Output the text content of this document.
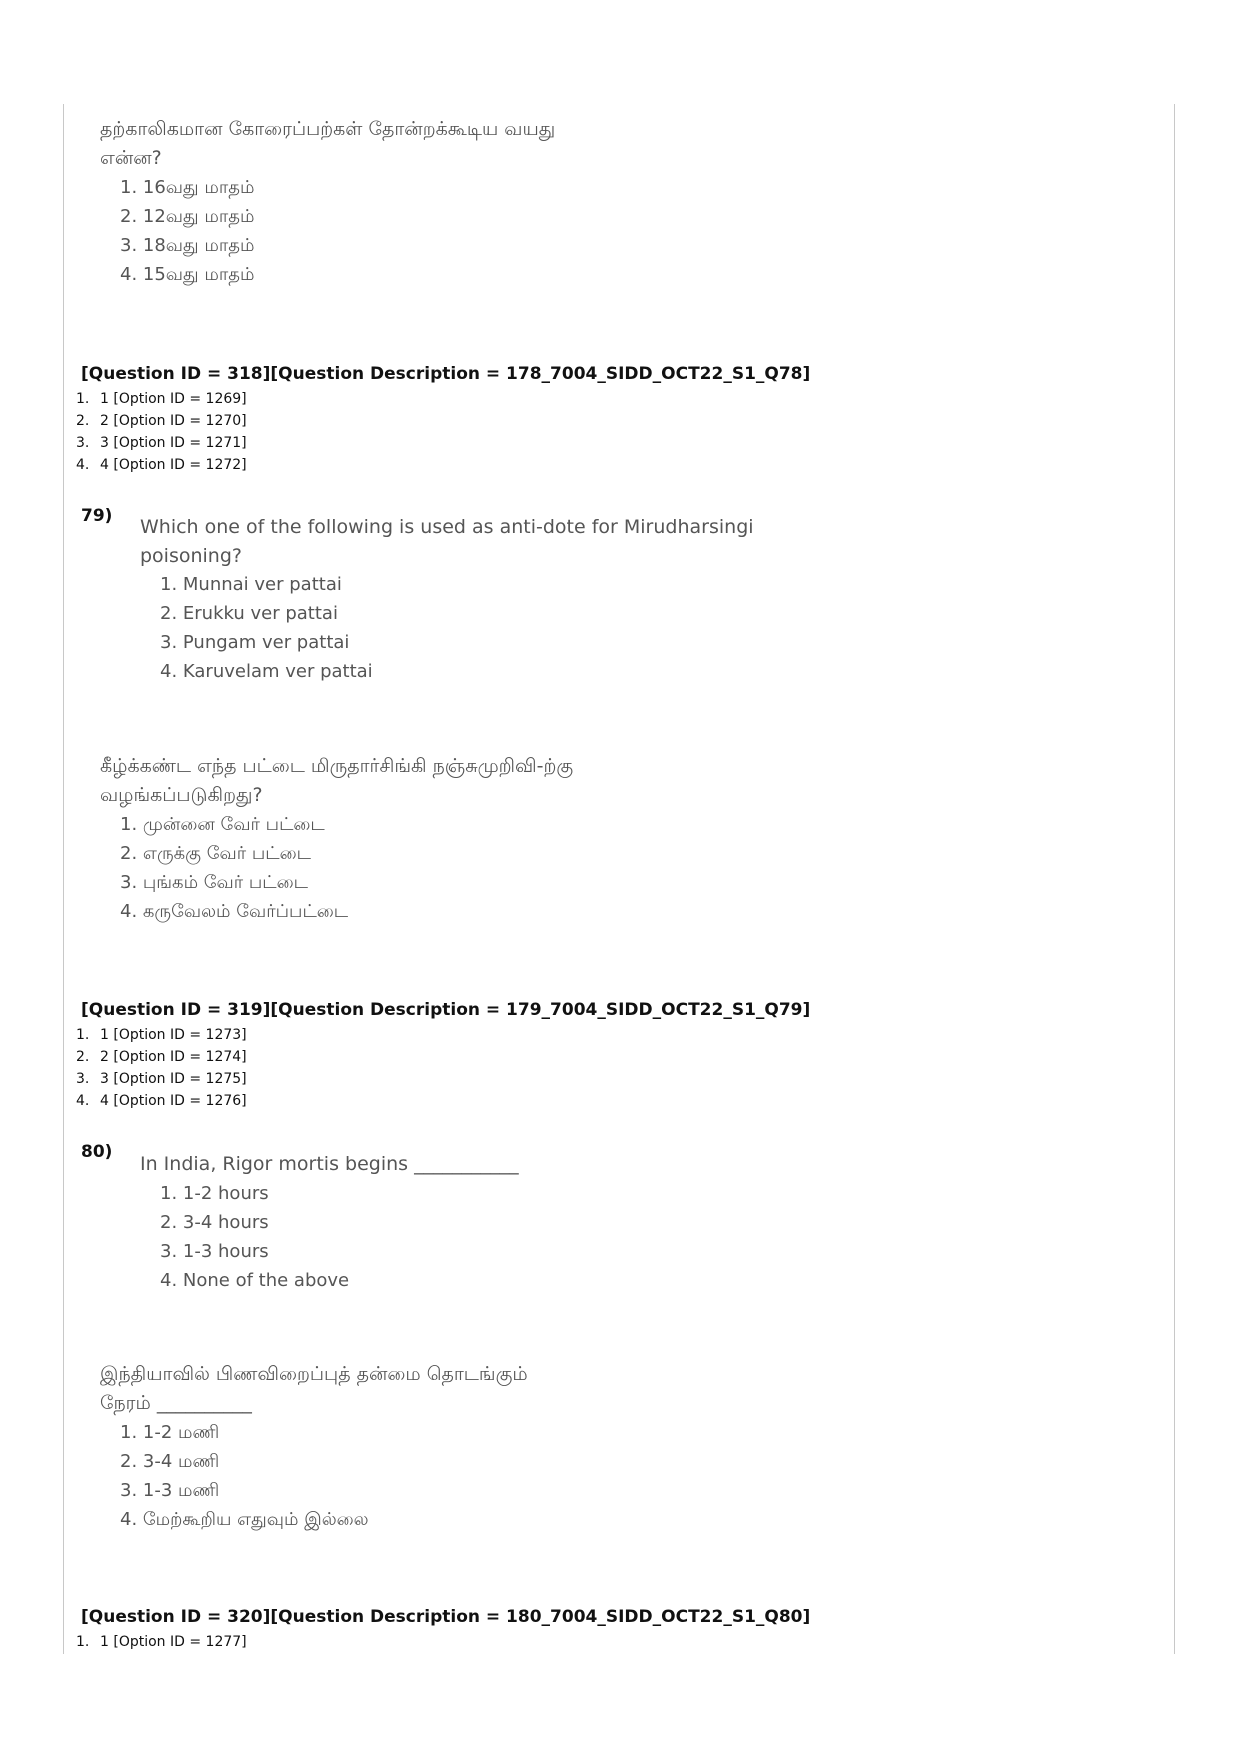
தற்காலிகமான கோரைப்பற்கள் தோன்றக்கூடிய வயது
என்ன?
1. 16வது மாதம்
2. 12வது மாதம்
3. 18வது மாதம்
4. 15வது மாதம்
[Question ID = 318][Question Description = 178_7004_SIDD_OCT22_S1_Q78]
1. 1 [Option ID = 1269]
2. 2 [Option ID = 1270]
3. 3 [Option ID = 1271]
4. 4 [Option ID = 1272]
79) Which one of the following is used as anti-dote for Mirudharsingi
poisoning?
1. Munnai ver pattai
2. Erukku ver pattai
3. Pungam ver pattai
4. Karuvelam ver pattai
கீழ்க்கண்ட எந்த பட்டை மிருதார்சிங்கி நஞ்சுமுறிவி-ற்கு
வழங்கப்படுகிறது?
1. முன்னை வேர் பட்டை
2. எருக்கு வேர் பட்டை
3. புங்கம் வேர் பட்டை
4. கருவேலம் வேர்ப்பட்டை
[Question ID = 319][Question Description = 179_7004_SIDD_OCT22_S1_Q79]
1. 1 [Option ID = 1273]
2. 2 [Option ID = 1274]
3. 3 [Option ID = 1275]
4. 4 [Option ID = 1276]
80)
In India, Rigor mortis begins ___________
1. 1-2 hours
2. 3-4 hours
3. 1-3 hours
4. None of the above
இந்தியாவில் பிணவிறைப்புத் தன்மை தொடங்கும்
நேரம் __________
1. 1-2 மணி
2. 3-4 மணி
3. 1-3 மணி
4. மேற்கூறிய எதுவும் இல்லை
[Question ID = 320][Question Description = 180_7004_SIDD_OCT22_S1_Q80]
1. 1 [Option ID = 1277]
